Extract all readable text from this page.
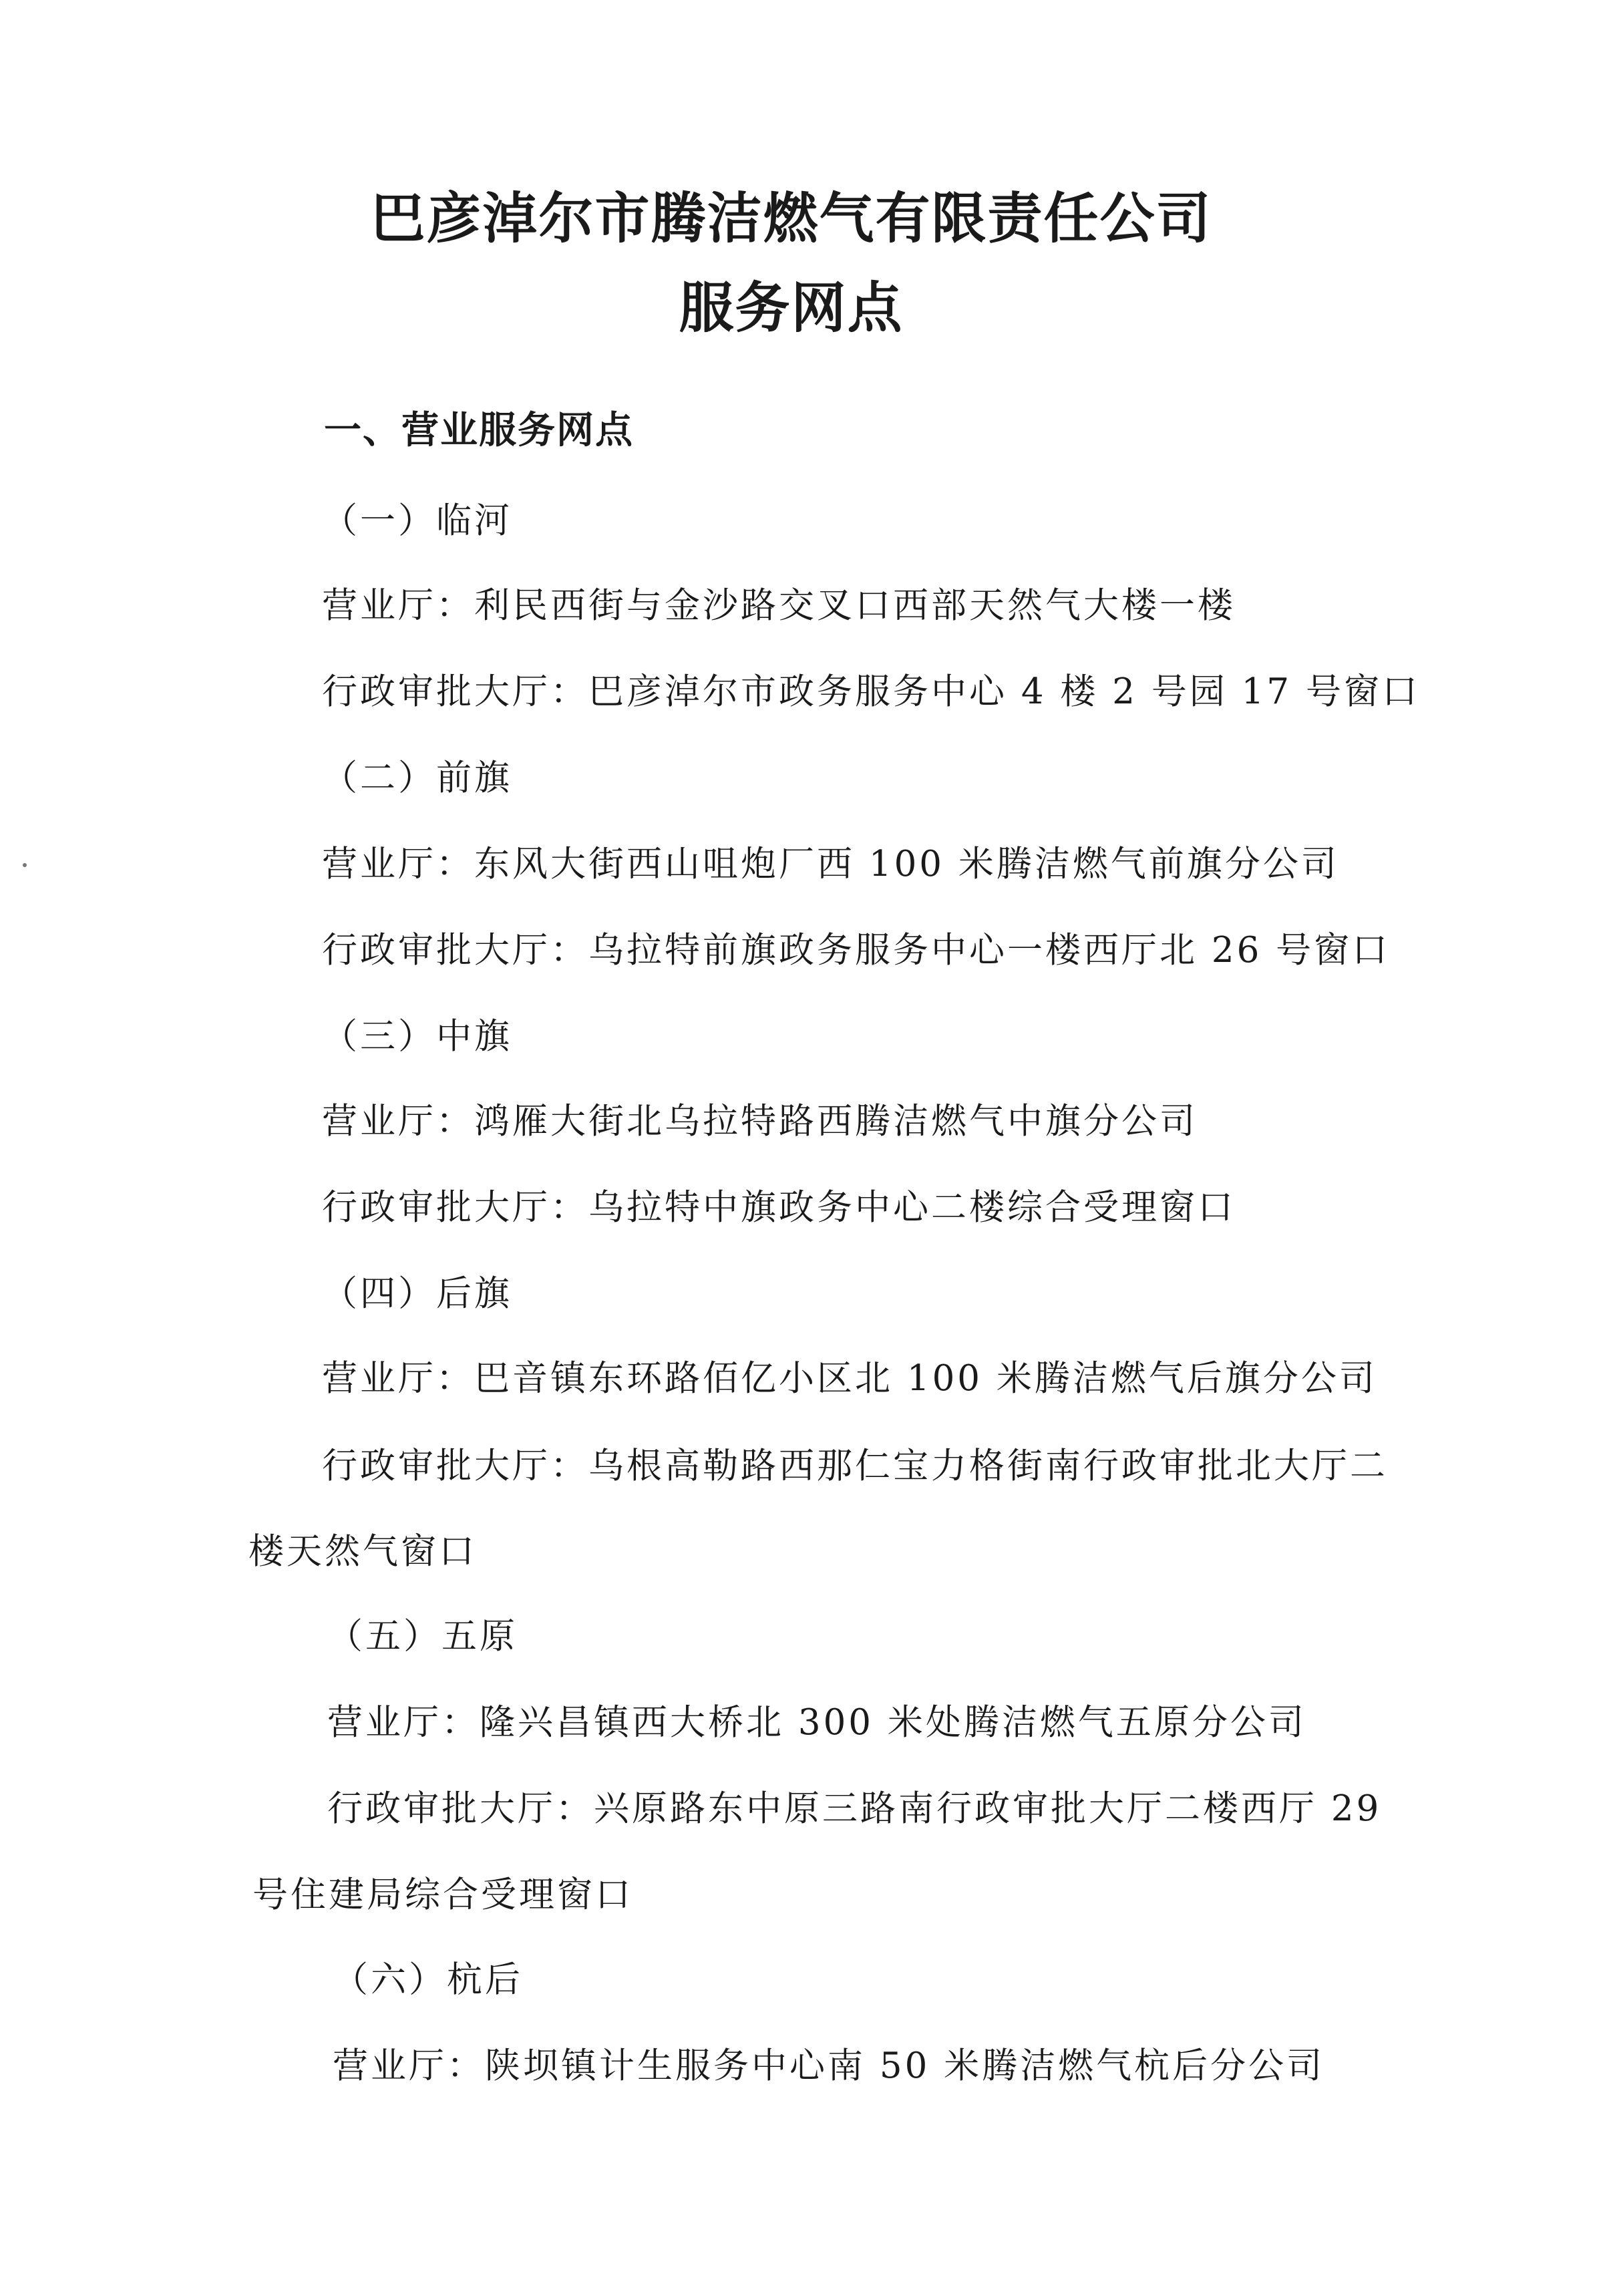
巴彦淖尔市腾洁燃气有限责任公司
服务网点
一、营业服务网点

（一）临河

营业厅：利民西街与金沙路交叉口西部天然气大楼一楼

行政审批大厅：巴彦淖尔市政务服务中心 4 楼 2 号园 17 号窗口

（二）前旗

营业厅：东风大街西山咀炮厂西 100 米腾洁燃气前旗分公司

行政审批大厅：乌拉特前旗政务服务中心一楼西厅北 26 号窗口

（三）中旗

营业厅：鸿雁大街北乌拉特路西腾洁燃气中旗分公司

行政审批大厅：乌拉特中旗政务中心二楼综合受理窗口

（四）后旗

营业厅：巴音镇东环路佰亿小区北 100 米腾洁燃气后旗分公司

行政审批大厅：乌根高勒路西那仁宝力格街南行政审批北大厅二

楼天然气窗口

（五）五原

营业厅：隆兴昌镇西大桥北 300 米处腾洁燃气五原分公司

行政审批大厅：兴原路东中原三路南行政审批大厅二楼西厅 29

号住建局综合受理窗口

（六）杭后

营业厅：陕坝镇计生服务中心南 50 米腾洁燃气杭后分公司
